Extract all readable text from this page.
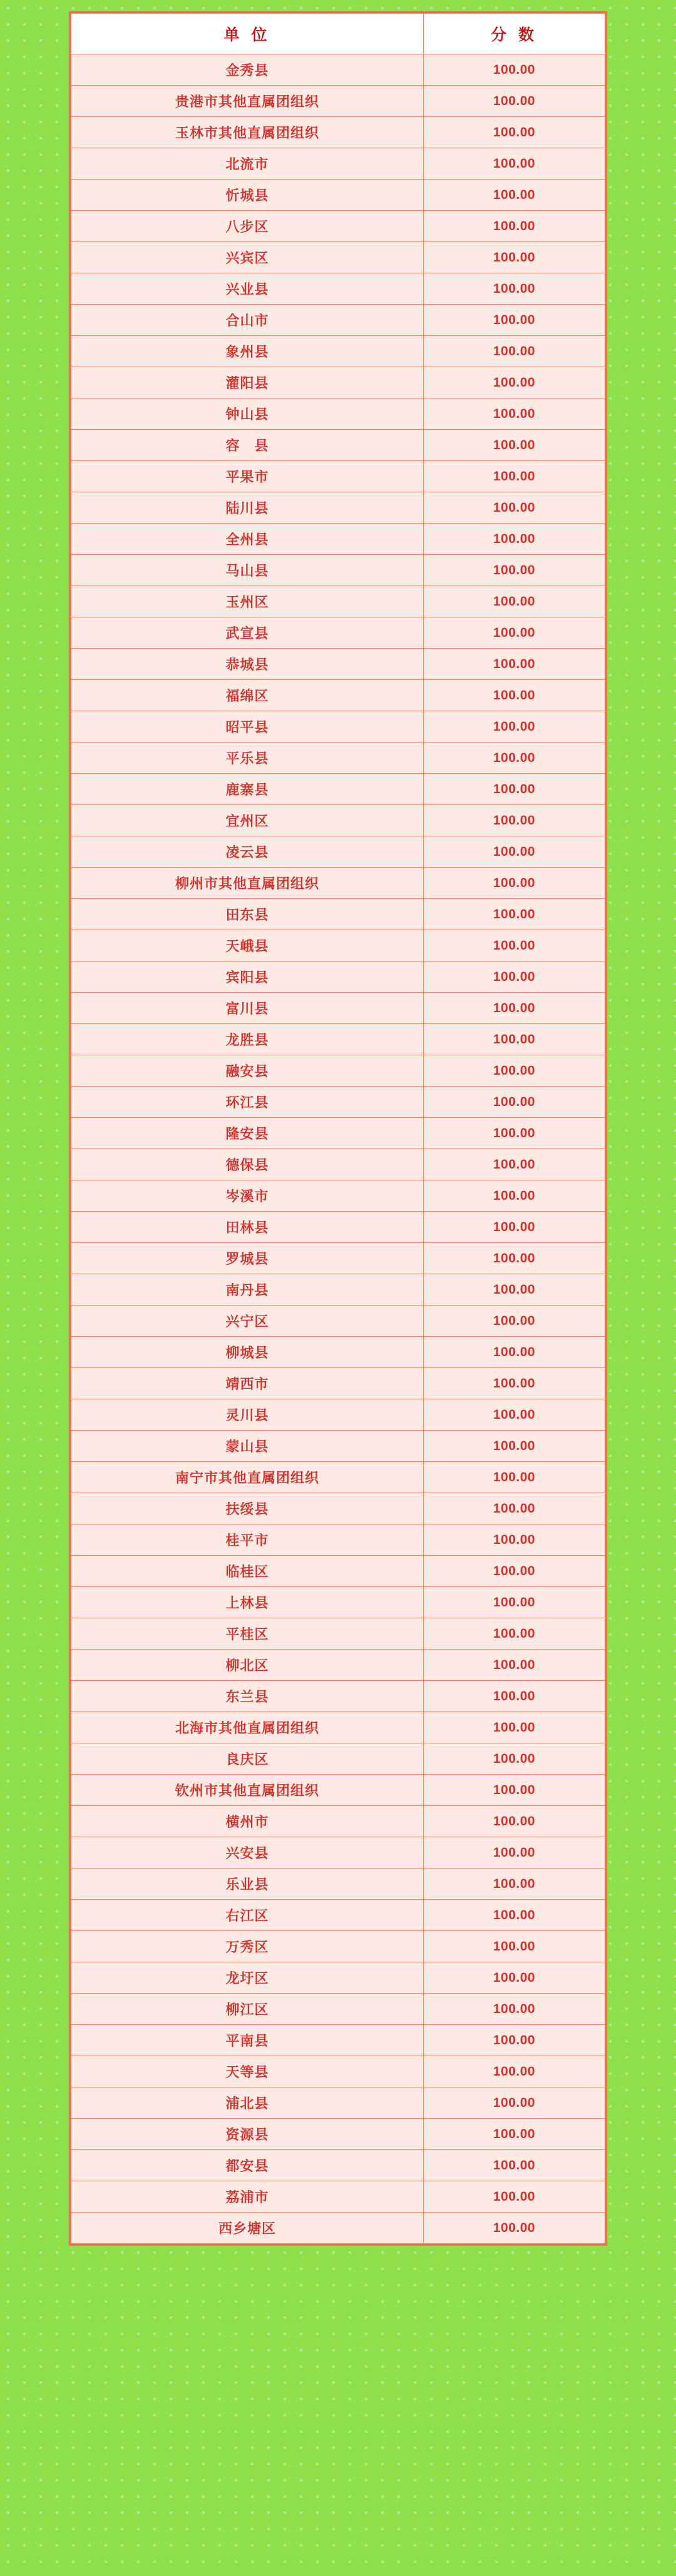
单 位	分 数
金秀县	100.00
贵港市其他直属团组织	100.00
玉林市其他直属团组织	100.00
北流市	100.00
忻城县	100.00
八步区	100.00
兴宾区	100.00
兴业县	100.00
合山市	100.00
象州县	100.00
灌阳县	100.00
钟山县	100.00
容　县	100.00
平果市	100.00
陆川县	100.00
全州县	100.00
马山县	100.00
玉州区	100.00
武宣县	100.00
恭城县	100.00
福绵区	100.00
昭平县	100.00
平乐县	100.00
鹿寨县	100.00
宜州区	100.00
凌云县	100.00
柳州市其他直属团组织	100.00
田东县	100.00
天峨县	100.00
宾阳县	100.00
富川县	100.00
龙胜县	100.00
融安县	100.00
环江县	100.00
隆安县	100.00
德保县	100.00
岑溪市	100.00
田林县	100.00
罗城县	100.00
南丹县	100.00
兴宁区	100.00
柳城县	100.00
靖西市	100.00
灵川县	100.00
蒙山县	100.00
南宁市其他直属团组织	100.00
扶绥县	100.00
桂平市	100.00
临桂区	100.00
上林县	100.00
平桂区	100.00
柳北区	100.00
东兰县	100.00
北海市其他直属团组织	100.00
良庆区	100.00
钦州市其他直属团组织	100.00
横州市	100.00
兴安县	100.00
乐业县	100.00
右江区	100.00
万秀区	100.00
龙圩区	100.00
柳江区	100.00
平南县	100.00
天等县	100.00
浦北县	100.00
资源县	100.00
都安县	100.00
荔浦市	100.00
西乡塘区	100.00
